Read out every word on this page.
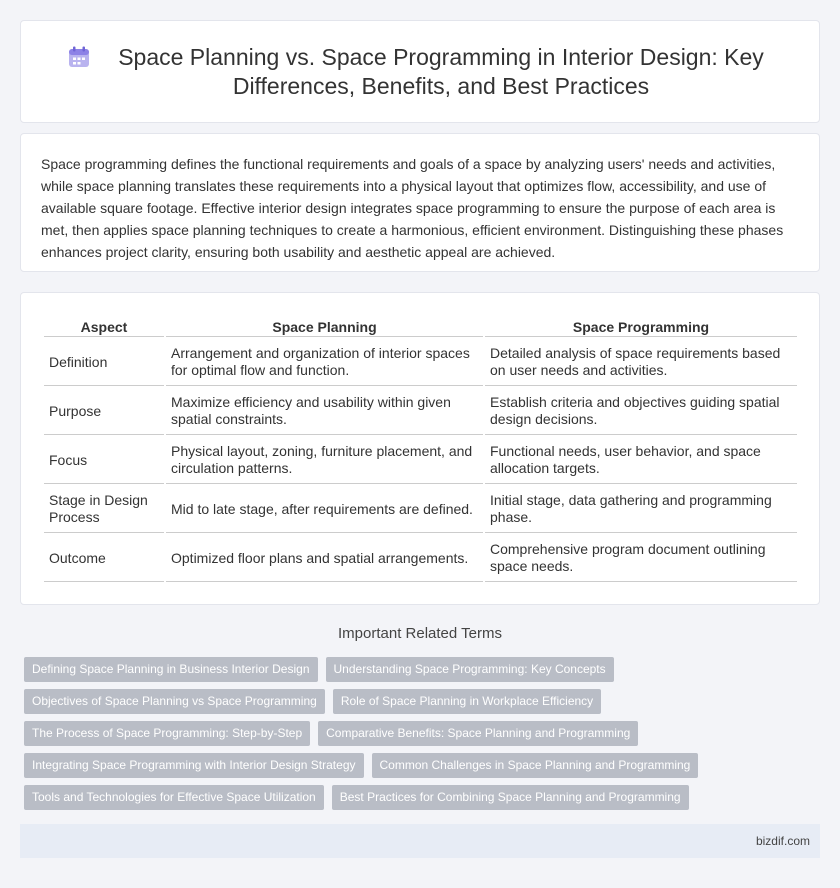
Space Planning vs. Space Programming in Interior Design: Key Differences, Benefits, and Best Practices

Space programming defines the functional requirements and goals of a space by analyzing users' needs and activities, while space planning translates these requirements into a physical layout that optimizes flow, accessibility, and use of available square footage. Effective interior design integrates space programming to ensure the purpose of each area is met, then applies space planning techniques to create a harmonious, efficient environment. Distinguishing these phases enhances project clarity, ensuring both usability and aesthetic appeal are achieved.

Aspect	Space Planning	Space Programming
Definition	Arrangement and organization of interior spaces for optimal flow and function.	Detailed analysis of space requirements based on user needs and activities.
Purpose	Maximize efficiency and usability within given spatial constraints.	Establish criteria and objectives guiding spatial design decisions.
Focus	Physical layout, zoning, furniture placement, and circulation patterns.	Functional needs, user behavior, and space allocation targets.
Stage in Design Process	Mid to late stage, after requirements are defined.	Initial stage, data gathering and programming phase.
Outcome	Optimized floor plans and spatial arrangements.	Comprehensive program document outlining space needs.
Important Related Terms
Defining Space Planning in Business Interior Design	Understanding Space Programming: Key Concepts
Objectives of Space Planning vs Space Programming	Role of Space Planning in Workplace Efficiency
The Process of Space Programming: Step-by-Step	Comparative Benefits: Space Planning and Programming
Integrating Space Programming with Interior Design Strategy	Common Challenges in Space Planning and Programming
Tools and Technologies for Effective Space Utilization	Best Practices for Combining Space Planning and Programming
bizdif.com
